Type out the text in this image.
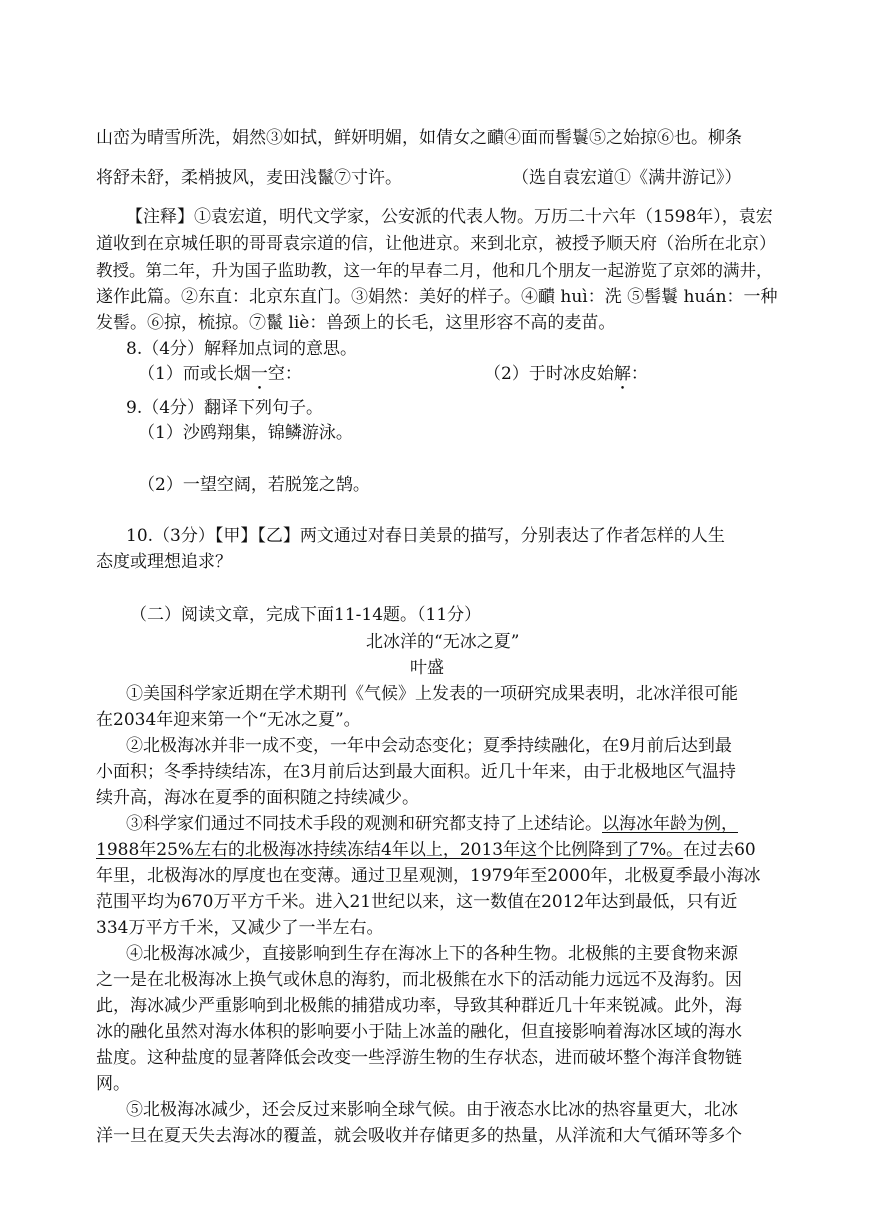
山峦为晴雪所洗，娟然③如拭，鲜妍明媚，如倩女之靧④面而髻鬟⑤之始掠⑥也。柳条
将舒未舒，柔梢披风，麦田浅鬣⑦寸许。	（选自袁宏道①《满井游记》）
【注释】①袁宏道，明代文学家，公安派的代表人物。万历二十六年（1598年），袁宏
道收到在京城任职的哥哥袁宗道的信，让他进京。来到北京，被授予顺天府（治所在北京）
教授。第二年，升为国子监助教，这一年的早春二月，他和几个朋友一起游览了京郊的满井，
遂作此篇。②东直：北京东直门。③娟然：美好的样子。④靧 huì：洗 ⑤髻鬟 huán：一种
发髻。⑥掠，梳掠。⑦鬣 liè：兽颈上的长毛，这里形容不高的麦苗。
8.（4分）解释加点词的意思。
（1）而或长烟一空：	（2）于时冰皮始解：
9.（4分）翻译下列句子。
（1）沙鸥翔集，锦鳞游泳。
（2）一望空阔，若脱笼之鹄。
10.（3分）【甲】【乙】两文通过对春日美景的描写，分别表达了作者怎样的人生
态度或理想追求？
（二）阅读文章，完成下面11-14题。（11分）
北冰洋的“无冰之夏”
叶盛
①美国科学家近期在学术期刊《气候》上发表的一项研究成果表明，北冰洋很可能
在2034年迎来第一个“无冰之夏”。
②北极海冰并非一成不变，一年中会动态变化；夏季持续融化，在9月前后达到最
小面积；冬季持续结冻，在3月前后达到最大面积。近几十年来，由于北极地区气温持
续升高，海冰在夏季的面积随之持续减少。
③科学家们通过不同技术手段的观测和研究都支持了上述结论。以海冰年龄为例，
1988年25%左右的北极海冰持续冻结4年以上，2013年这个比例降到了7%。在过去60
年里，北极海冰的厚度也在变薄。通过卫星观测，1979年至2000年，北极夏季最小海冰
范围平均为670万平方千米。进入21世纪以来，这一数值在2012年达到最低，只有近
334万平方千米，又减少了一半左右。
④北极海冰减少，直接影响到生存在海冰上下的各种生物。北极熊的主要食物来源
之一是在北极海冰上换气或休息的海豹，而北极熊在水下的活动能力远远不及海豹。因
此，海冰减少严重影响到北极熊的捕猎成功率，导致其种群近几十年来锐减。此外，海
冰的融化虽然对海水体积的影响要小于陆上冰盖的融化，但直接影响着海冰区域的海水
盐度。这种盐度的显著降低会改变一些浮游生物的生存状态，进而破坏整个海洋食物链
网。
⑤北极海冰减少，还会反过来影响全球气候。由于液态水比冰的热容量更大，北冰
洋一旦在夏天失去海冰的覆盖，就会吸收并存储更多的热量，从洋流和大气循环等多个
